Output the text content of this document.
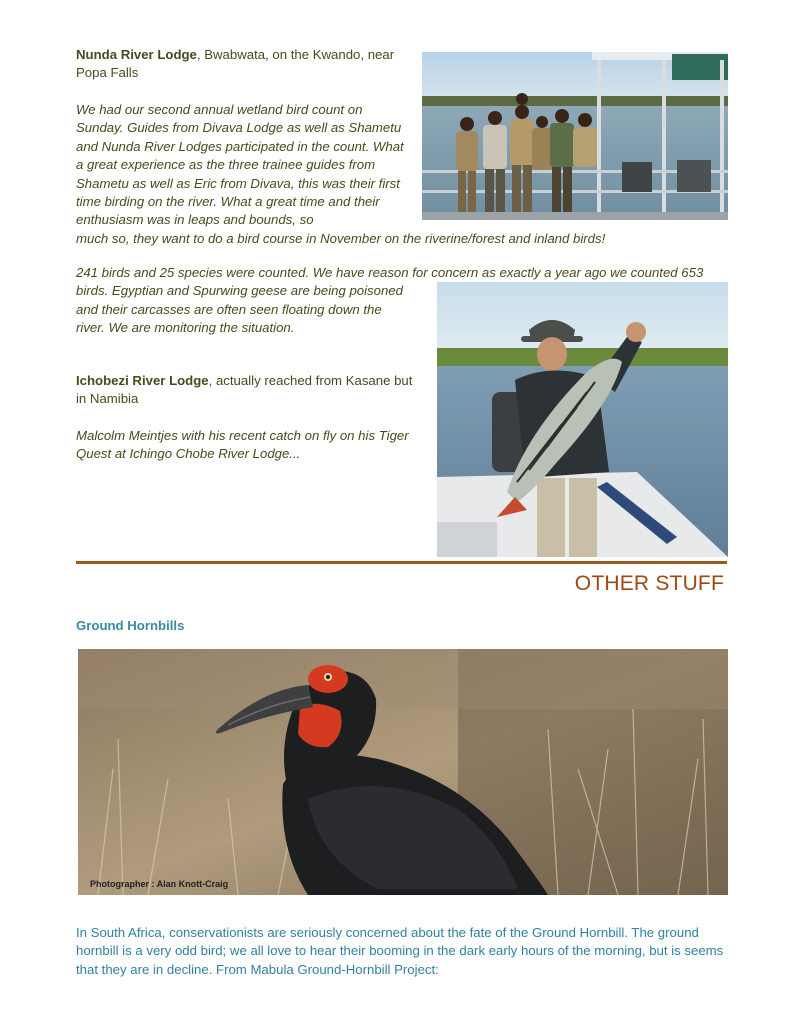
Nunda River Lodge, Bwabwata, on the Kwando, near Popa Falls

We had our second annual wetland bird count on Sunday. Guides from Divava Lodge as well as Shametu and Nunda River Lodges participated in the count. What a great experience as the three trainee guides from Shametu as well as Eric from Divava, this was their first time birding on the river. What a great time and their enthusiasm was in leaps and bounds, so
much so, they want to do a bird course in November on the riverine/forest and inland birds!

241 birds and 25 species were counted. We have reason for concern as exactly a year ago we counted 653
birds. Egyptian and Spurwing geese are being poisoned and their carcasses are often seen floating down the river. We are monitoring the situation.

Ichobezi River Lodge, actually reached from Kasane but in Namibia

Malcolm Meintjes with his recent catch on fly on his Tiger Quest at Ichingo Chobe River Lodge...

OTHER STUFF
Ground Hornbills
Photographer : Alan Knott-Craig

In South Africa, conservationists are seriously concerned about the fate of the Ground Hornbill. The ground hornbill is a very odd bird; we all love to hear their booming in the dark early hours of the morning, but is seems that they are in decline. From Mabula Ground-Hornbill Project:
